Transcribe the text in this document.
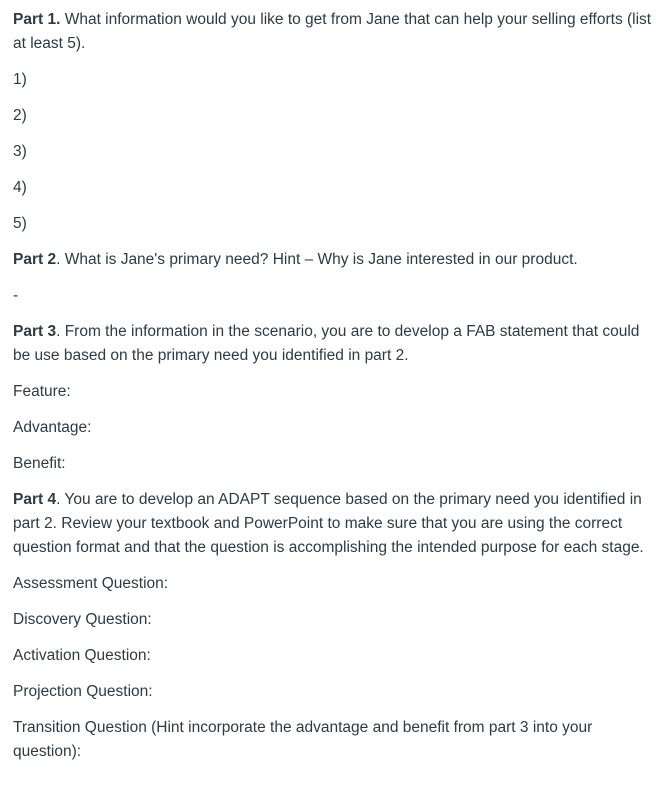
Part 1. What information would you like to get from Jane that can help your selling efforts (list at least 5).

1)

2)

3)

4)

5)

Part 2. What is Jane's primary need? Hint – Why is Jane interested in our product.

-

Part 3. From the information in the scenario, you are to develop a FAB statement that could be use based on the primary need you identified in part 2.

Feature:

Advantage:

Benefit:

Part 4. You are to develop an ADAPT sequence based on the primary need you identified in part 2. Review your textbook and PowerPoint to make sure that you are using the correct question format and that the question is accomplishing the intended purpose for each stage.

Assessment Question:

Discovery Question:

Activation Question:

Projection Question:

Transition Question (Hint incorporate the advantage and benefit from part 3 into your question):
